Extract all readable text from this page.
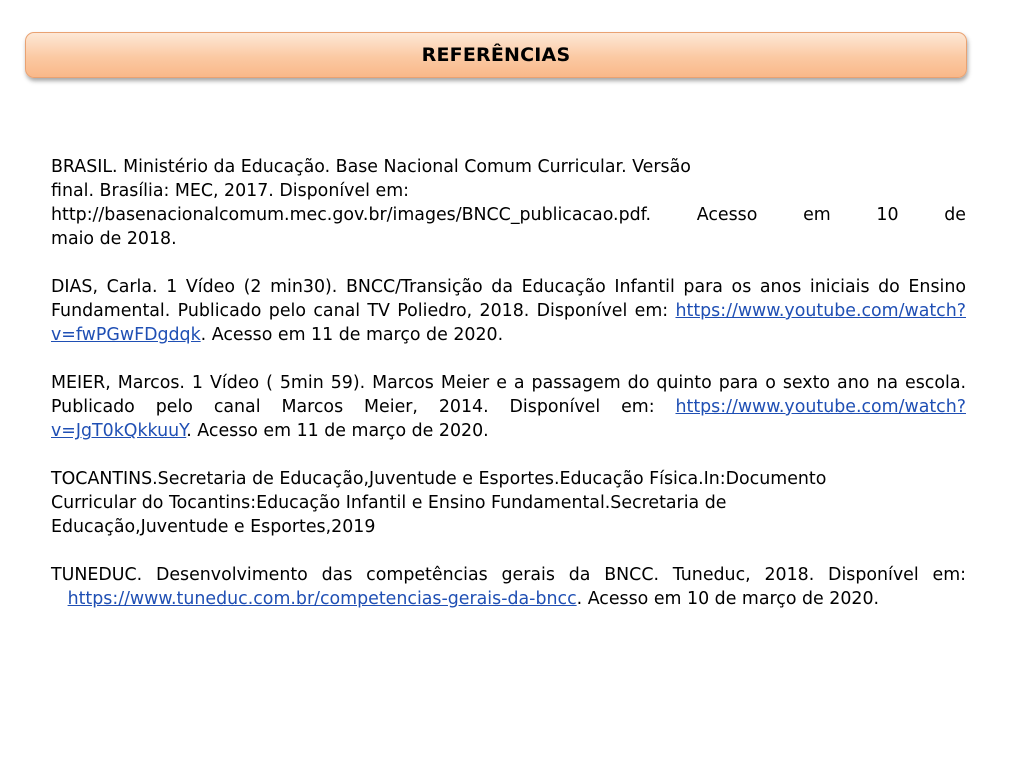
REFERÊNCIAS
BRASIL. Ministério da Educação. Base Nacional Comum Curricular. Versão
final. Brasília: MEC, 2017. Disponível em:
http://basenacionalcomum.mec.gov.br/images/BNCC_publicacao.pdf. Acesso em 10 de
maio de 2018.
DIAS, Carla. 1 Vídeo (2 min30). BNCC/Transição da Educação Infantil para os anos iniciais do Ensino Fundamental. Publicado pelo canal TV Poliedro, 2018. Disponível em: https://www.youtube.com/watch?v=fwPGwFDgdqk. Acesso em 11 de março de 2020.
MEIER, Marcos. 1 Vídeo ( 5min 59). Marcos Meier e a passagem do quinto para o sexto ano na escola. Publicado pelo canal Marcos Meier, 2014. Disponível em: https://www.youtube.com/watch?v=JgT0kQkkuuY. Acesso em 11 de março de 2020.
TOCANTINS.Secretaria de Educação,Juventude e Esportes.Educação Física.In:Documento
Curricular do Tocantins:Educação Infantil e Ensino Fundamental.Secretaria de
Educação,Juventude e Esportes,2019
TUNEDUC. Desenvolvimento das competências gerais da BNCC. Tuneduc, 2018. Disponível em:    https://www.tuneduc.com.br/competencias-gerais-da-bncc. Acesso em 10 de março de 2020.
